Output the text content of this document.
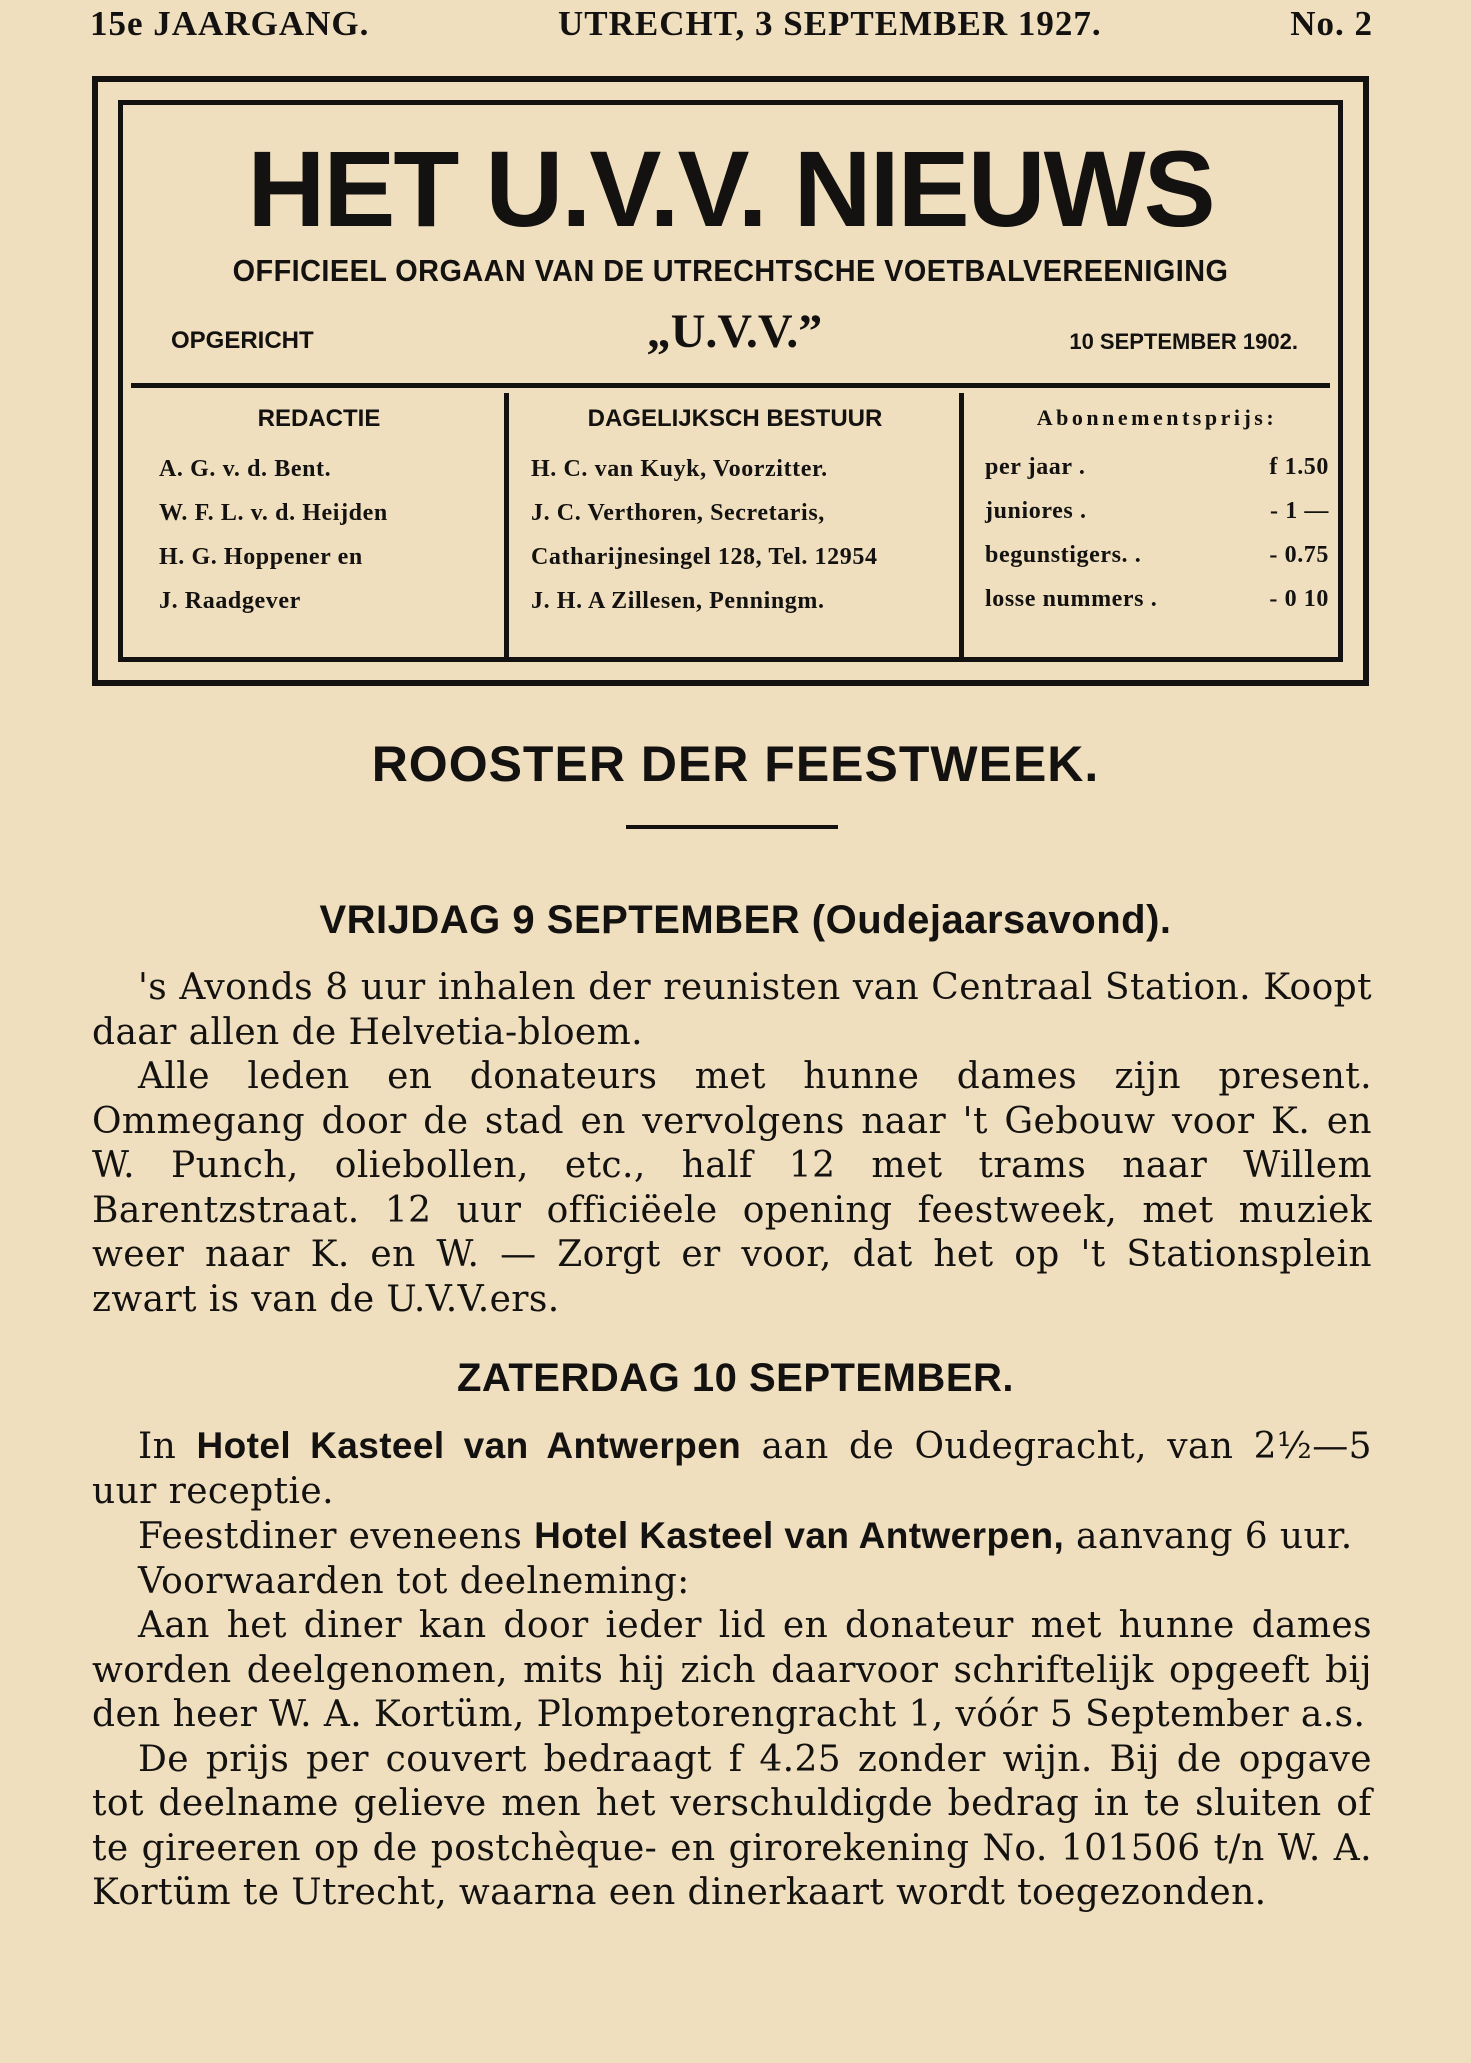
15e JAARGANG.	UTRECHT, 3 SEPTEMBER 1927.	No. 2
HET U.V.V. NIEUWS
OFFICIEEL ORGAAN VAN DE UTRECHTSCHE VOETBALVEREENIGING
OPGERICHT	„U.V.V.”	10 SEPTEMBER 1902.
REDACTIE
A. G. v. d. Bent.
W. F. L. v. d. Heijden
H. G. Hoppener en
J. Raadgever
DAGELIJKSCH BESTUUR
H. C. van Kuyk, Voorzitter.
J. C. Verthoren, Secretaris,
Catharijnesingel 128, Tel. 12954
J. H. A Zillesen, Penningm.
Abonnementsprijs:
per jaar .	f 1.50
juniores .	- 1 —
begunstigers. .	- 0.75
losse nummers .	- 0 10
ROOSTER DER FEESTWEEK.
VRIJDAG 9 SEPTEMBER (Oudejaarsavond).

's Avonds 8 uur inhalen der reunisten van Centraal Station. Koopt daar allen de Helvetia-bloem.

Alle leden en donateurs met hunne dames zijn present. Ommegang door de stad en vervolgens naar 't Gebouw voor K. en W. Punch, oliebollen, etc., half 12 met trams naar Willem Barentzstraat. 12 uur officiëele opening feestweek, met muziek weer naar K. en W. — Zorgt er voor, dat het op 't Stationsplein zwart is van de U.V.V.ers.

ZATERDAG 10 SEPTEMBER.

In Hotel Kasteel van Antwerpen aan de Oudegracht, van 2½—5 uur receptie.

Feestdiner eveneens Hotel Kasteel van Antwerpen, aanvang 6 uur.

Voorwaarden tot deelneming:

Aan het diner kan door ieder lid en donateur met hunne dames worden deelgenomen, mits hij zich daarvoor schriftelijk opgeeft bij den heer W. A. Kortüm, Plompetorengracht 1, vóór 5 September a.s.

De prijs per couvert bedraagt f 4.25 zonder wijn. Bij de opgave tot deelname gelieve men het verschuldigde bedrag in te sluiten of te gireeren op de postchèque- en girorekening No. 101506 t/n W. A. Kortüm te Utrecht, waarna een dinerkaart wordt toegezonden.
